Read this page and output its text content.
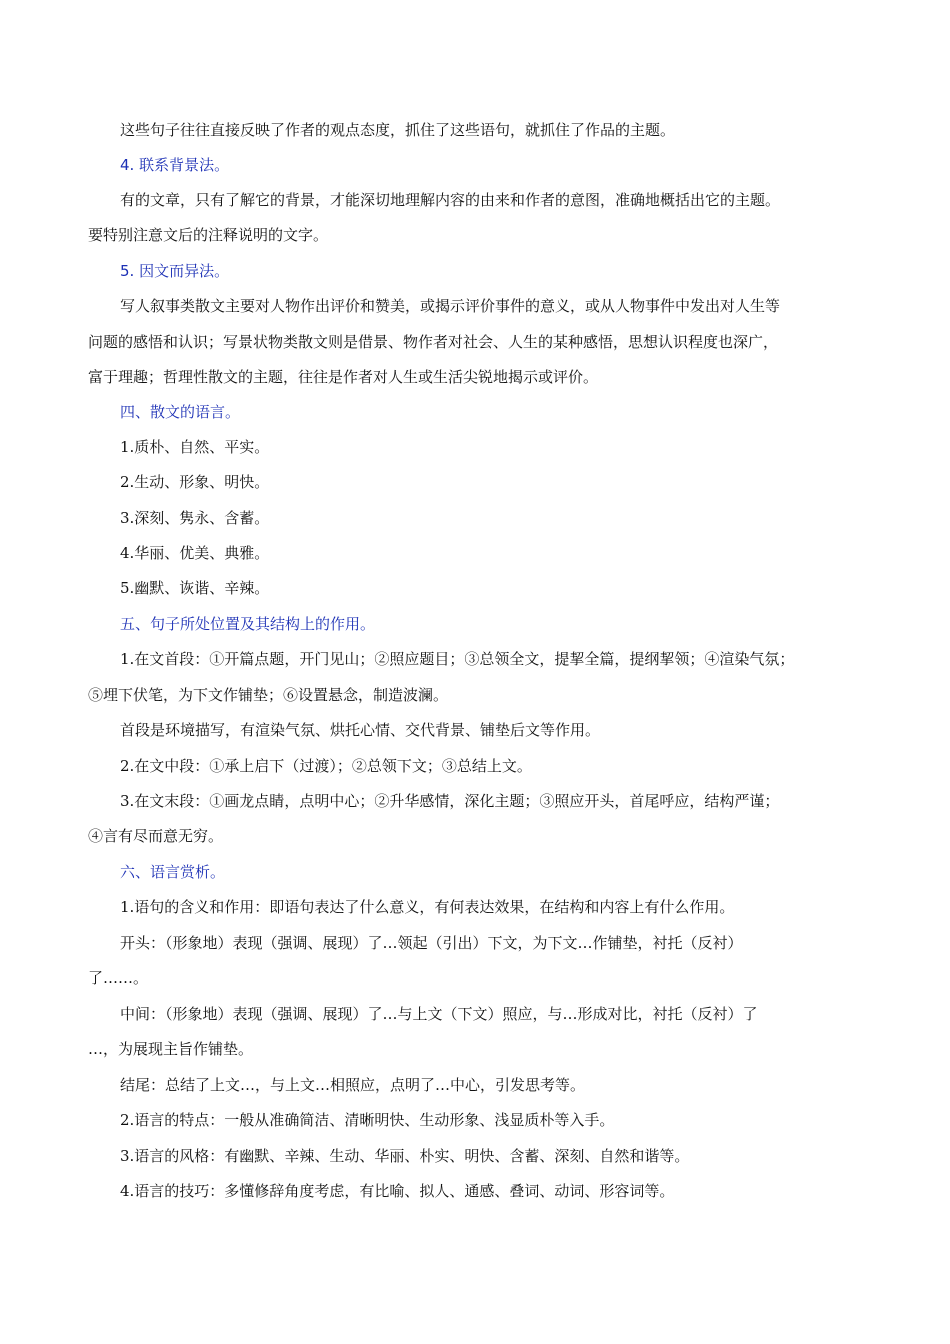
这些句子往往直接反映了作者的观点态度，抓住了这些语句，就抓住了作品的主题。
4. 联系背景法。
有的文章，只有了解它的背景，才能深切地理解内容的由来和作者的意图，准确地概括出它的主题。
要特别注意文后的注释说明的文字。
5. 因文而异法。
写人叙事类散文主要对人物作出评价和赞美，或揭示评价事件的意义，或从人物事件中发出对人生等
问题的感悟和认识；写景状物类散文则是借景、物作者对社会、人生的某种感悟，思想认识程度也深广，
富于理趣；哲理性散文的主题，往往是作者对人生或生活尖锐地揭示或评价。
四、散文的语言。
1.质朴、自然、平实。
2.生动、形象、明快。
3.深刻、隽永、含蓄。
4.华丽、优美、典雅。
5.幽默、诙谐、辛辣。
五、句子所处位置及其结构上的作用。
1.在文首段：①开篇点题，开门见山；②照应题目；③总领全文，提挈全篇，提纲挈领；④渲染气氛；
⑤埋下伏笔，为下文作铺垫；⑥设置悬念，制造波澜。
首段是环境描写，有渲染气氛、烘托心情、交代背景、铺垫后文等作用。
2.在文中段：①承上启下（过渡）；②总领下文；③总结上文。
3.在文末段：①画龙点睛，点明中心；②升华感情，深化主题；③照应开头，首尾呼应，结构严谨；
④言有尽而意无穷。
六、语言赏析。
1.语句的含义和作用：即语句表达了什么意义，有何表达效果，在结构和内容上有什么作用。
开头：（形象地）表现（强调、展现）了…领起（引出）下文，为下文…作铺垫，衬托（反衬）
了……。
中间：（形象地）表现（强调、展现）了…与上文（下文）照应，与…形成对比，衬托（反衬）了
…，为展现主旨作铺垫。
结尾：总结了上文…，与上文…相照应，点明了…中心，引发思考等。
2.语言的特点：一般从准确简洁、清晰明快、生动形象、浅显质朴等入手。
3.语言的风格：有幽默、辛辣、生动、华丽、朴实、明快、含蓄、深刻、自然和谐等。
4.语言的技巧：多懂修辞角度考虑，有比喻、拟人、通感、叠词、动词、形容词等。
